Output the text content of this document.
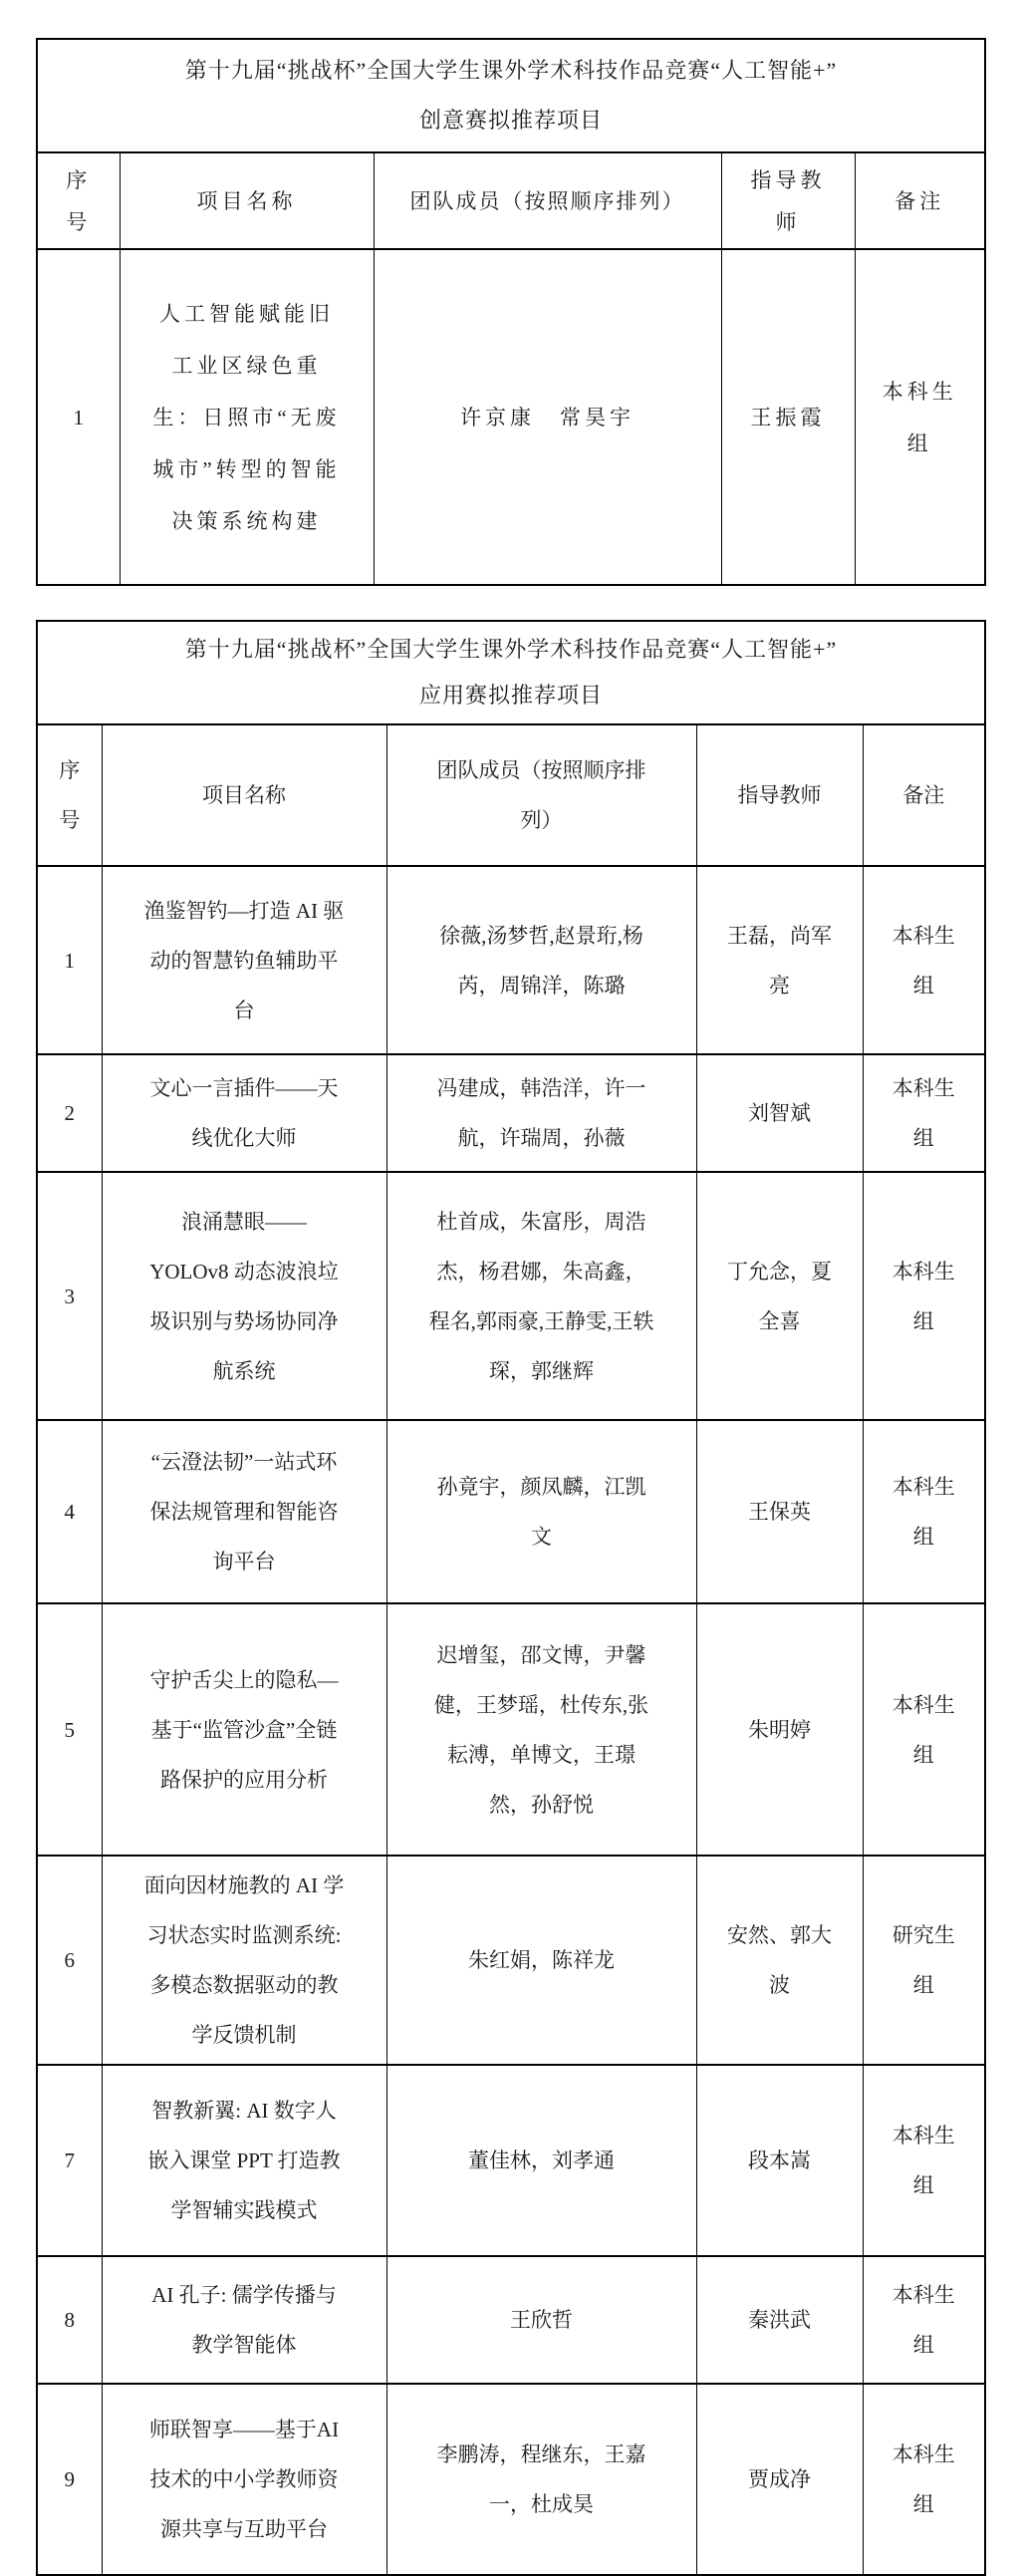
第十九届“挑战杯”全国大学生课外学术科技作品竞赛“人工智能+”
创意赛拟推荐项目				

序号	项目名称	团队成员（按照顺序排列）	指导教师	备注
1	人工智能赋能旧工业区绿色重生：日照市“无废城市”转型的智能决策系统构建	许京康　常昊宇	王振霞	本科生组
第十九届“挑战杯”全国大学生课外学术科技作品竞赛“人工智能+”
应用赛拟推荐项目				

序号	项目名称	团队成员（按照顺序排列）	指导教师	备注
1	渔鉴智钓—打造 AI 驱动的智慧钓鱼辅助平台	徐薇,汤梦哲,赵景珩,杨芮，周锦洋，陈璐	王磊，尚军亮	本科生组
2	文心一言插件——天线优化大师	冯建成，韩浩洋，许一航，许瑞周，孙薇	刘智斌	本科生组
3	浪涌慧眼——YOLOv8 动态波浪垃圾识别与势场协同净航系统	杜首成，朱富彤，周浩杰，杨君娜，朱高鑫，程名,郭雨豪,王静雯,王轶琛，郭继辉	丁允念，夏全喜	本科生组
4	“云澄法韧”一站式环保法规管理和智能咨询平台	孙竟宇，颜凤麟，江凯文	王保英	本科生组
5	守护舌尖上的隐私—基于“监管沙盒”全链路保护的应用分析	迟增玺，邵文博，尹馨健，王梦瑶，杜传东,张耘溥，单博文，王璟然，孙舒悦	朱明婷	本科生组
6	面向因材施教的 AI 学习状态实时监测系统:多模态数据驱动的教学反馈机制	朱红娟，陈祥龙	安然、郭大波	研究生组
7	智教新翼: AI 数字人嵌入课堂 PPT 打造教学智辅实践模式	董佳林，刘孝通	段本嵩	本科生组
8	AI 孔子: 儒学传播与教学智能体	王欣哲	秦洪武	本科生组
9	师联智享——基于AI 技术的中小学教师资源共享与互助平台	李鹏涛，程继东，王嘉一，杜成昊	贾成净	本科生组
